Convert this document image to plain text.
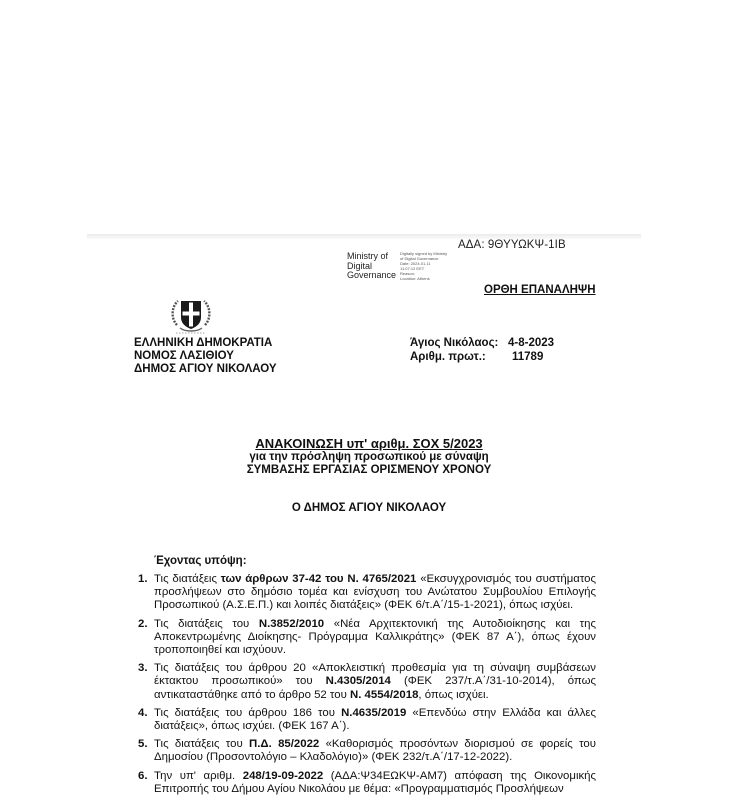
ΑΔΑ: 9ΘΥΥΩΚΨ-1ΙΒ
Ministry of
Digital
Governance
Digitally signed by Ministry
of Digital Governance
Date: 2024.01.11
11:07:12 EET
Reason:
Location: Athens
ΟΡΘΗ ΕΠΑΝΑΛΗΨΗ
ΕΛΛΗΝΙΚΗ ΔΗΜΟΚΡΑΤΙΑ
ΝΟΜΟΣ ΛΑΣΙΘΙΟΥ
ΔΗΜΟΣ ΑΓΙΟΥ ΝΙΚΟΛΑΟΥ
Άγιος Νικόλαος: 4-8-2023
Αριθμ. πρωτ.:	11789
ΑΝΑΚΟΙΝΩΣΗ υπ' αριθμ. ΣΟΧ 5/2023
για την πρόσληψη προσωπικού με σύναψη
ΣΥΜΒΑΣΗΣ ΕΡΓΑΣΙΑΣ ΟΡΙΣΜΕΝΟΥ ΧΡΟΝΟΥ
Ο ΔΗΜΟΣ ΑΓΙΟΥ ΝΙΚΟΛΑΟΥ
Έχοντας υπόψη:
1. Τις διατάξεις των άρθρων 37-42 του Ν. 4765/2021 «Εκσυγχρονισμός του συστήματος προσλήψεων στο δημόσιο τομέα και ενίσχυση του Ανώτατου Συμβουλίου Επιλογής Προσωπικού (Α.Σ.Ε.Π.) και λοιπές διατάξεις» (ΦΕΚ 6/τ.Α΄/15-1-2021), όπως ισχύει.
2. Τις διατάξεις του Ν.3852/2010 «Νέα Αρχιτεκτονική της Αυτοδιοίκησης και της Αποκεντρωμένης Διοίκησης- Πρόγραμμα Καλλικράτης» (ΦΕΚ 87 Α΄), όπως έχουν τροποποιηθεί και ισχύουν.
3. Τις διατάξεις του άρθρου 20 «Αποκλειστική προθεσμία για τη σύναψη συμβάσεων έκτακτου προσωπικού» του Ν.4305/2014 (ΦΕΚ 237/τ.Α΄/31-10-2014), όπως αντικαταστάθηκε από το άρθρο 52 του Ν. 4554/2018, όπως ισχύει.
4. Τις διατάξεις του άρθρου 186 του Ν.4635/2019 «Επενδύω στην Ελλάδα και άλλες διατάξεις», όπως ισχύει. (ΦΕΚ 167 Α΄).
5. Τις διατάξεις του Π.Δ. 85/2022 «Καθορισμός προσόντων διορισμού σε φορείς του Δημοσίου (Προσοντολόγιο – Κλαδολόγιο)» (ΦΕΚ 232/τ.Α΄/17-12-2022).
6. Την υπ' αριθμ. 248/19-09-2022 (ΑΔΑ:Ψ34ΕΩΚΨ-ΑΜ7) απόφαση της Οικονομικής Επιτροπής του Δήμου Αγίου Νικολάου με θέμα: «Προγραμματισμός Προσλήψεων
